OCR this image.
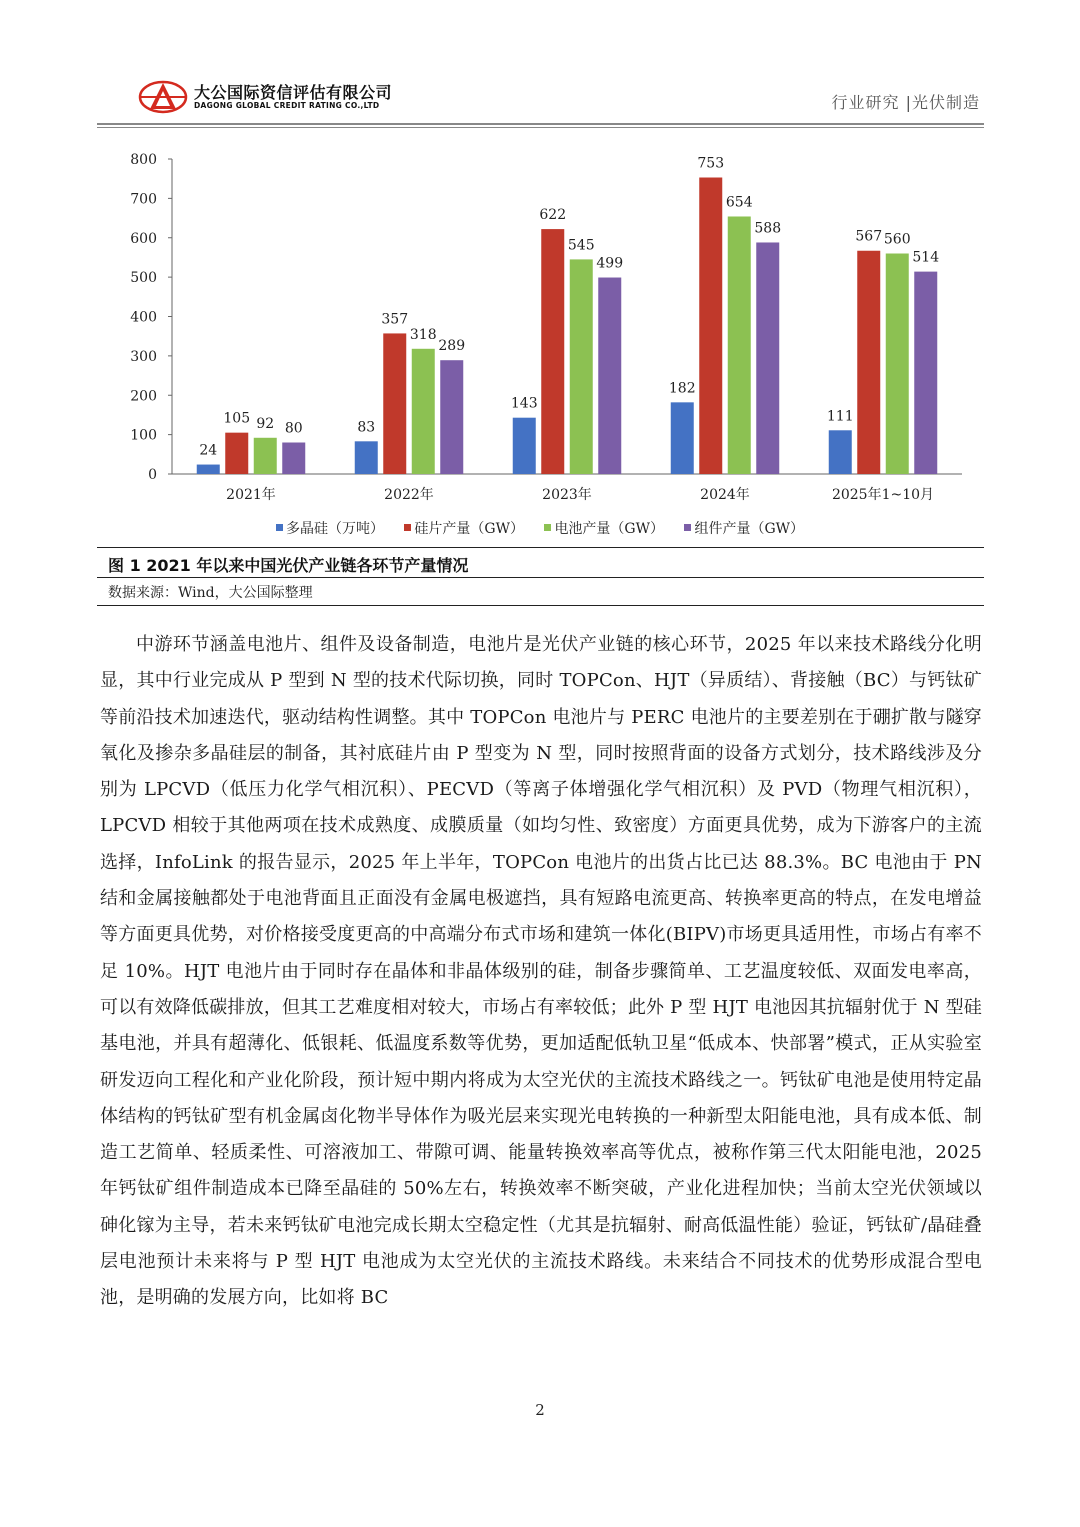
大公国际资信评估有限公司
DAGONG GLOBAL CREDIT RATING CO.,LTD	行业研究 |光伏制造
0
100
200
300
400
500
600
700
800
24
105 92 80
2021年
83
357
318
289
2022年
143
622
545
499
2023年
182
753
654
588
2024年
111
567 560
514
2025年1~10月
多晶硅（万吨） 硅片产量（GW） 电池产量（GW） 组件产量（GW）
图 1 2021 年以来中国光伏产业链各环节产量情况
数据来源：Wind，大公国际整理
中游环节涵盖电池片、组件及设备制造，电池片是光伏产业链的核心环节，2025 年以来技术路线分化明显，其中行业完成从 P 型到 N 型的技术代际切换，同时 TOPCon、HJT（异质结）、背接触（BC）与钙钛矿等前沿技术加速迭代，驱动结构性调整。其中 TOPCon 电池片与 PERC 电池片的主要差别在于硼扩散与隧穿氧化及掺杂多晶硅层的制备，其衬底硅片由 P 型变为 N 型，同时按照背面的设备方式划分，技术路线涉及分别为 LPCVD（低压力化学气相沉积）、PECVD（等离子体增强化学气相沉积）及 PVD（物理气相沉积），LPCVD 相较于其他两项在技术成熟度、成膜质量（如均匀性、致密度）方面更具优势，成为下游客户的主流选择，InfoLink 的报告显示，2025 年上半年，TOPCon 电池片的出货占比已达 88.3%。BC 电池由于 PN 结和金属接触都处于电池背面且正面没有金属电极遮挡，具有短路电流更高、转换率更高的特点，在发电增益等方面更具优势，对价格接受度更高的中高端分布式市场和建筑一体化(BIPV)市场更具适用性，市场占有率不足 10%。HJT 电池片由于同时存在晶体和非晶体级别的硅，制备步骤简单、工艺温度较低、双面发电率高，可以有效降低碳排放，但其工艺难度相对较大，市场占有率较低；此外 P 型 HJT 电池因其抗辐射优于 N 型硅基电池，并具有超薄化、低银耗、低温度系数等优势，更加适配低轨卫星“低成本、快部署”模式，正从实验室研发迈向工程化和产业化阶段，预计短中期内将成为太空光伏的主流技术路线之一。钙钛矿电池是使用特定晶体结构的钙钛矿型有机金属卤化物半导体作为吸光层来实现光电转换的一种新型太阳能电池，具有成本低、制造工艺简单、轻质柔性、可溶液加工、带隙可调、能量转换效率高等优点，被称作第三代太阳能电池，2025 年钙钛矿组件制造成本已降至晶硅的 50%左右，转换效率不断突破，产业化进程加快；当前太空光伏领域以砷化镓为主导，若未来钙钛矿电池完成长期太空稳定性（尤其是抗辐射、耐高低温性能）验证，钙钛矿/晶硅叠层电池预计未来将与 P 型 HJT 电池成为太空光伏的主流技术路线。未来结合不同技术的优势形成混合型电池，是明确的发展方向，比如将 BC
2
